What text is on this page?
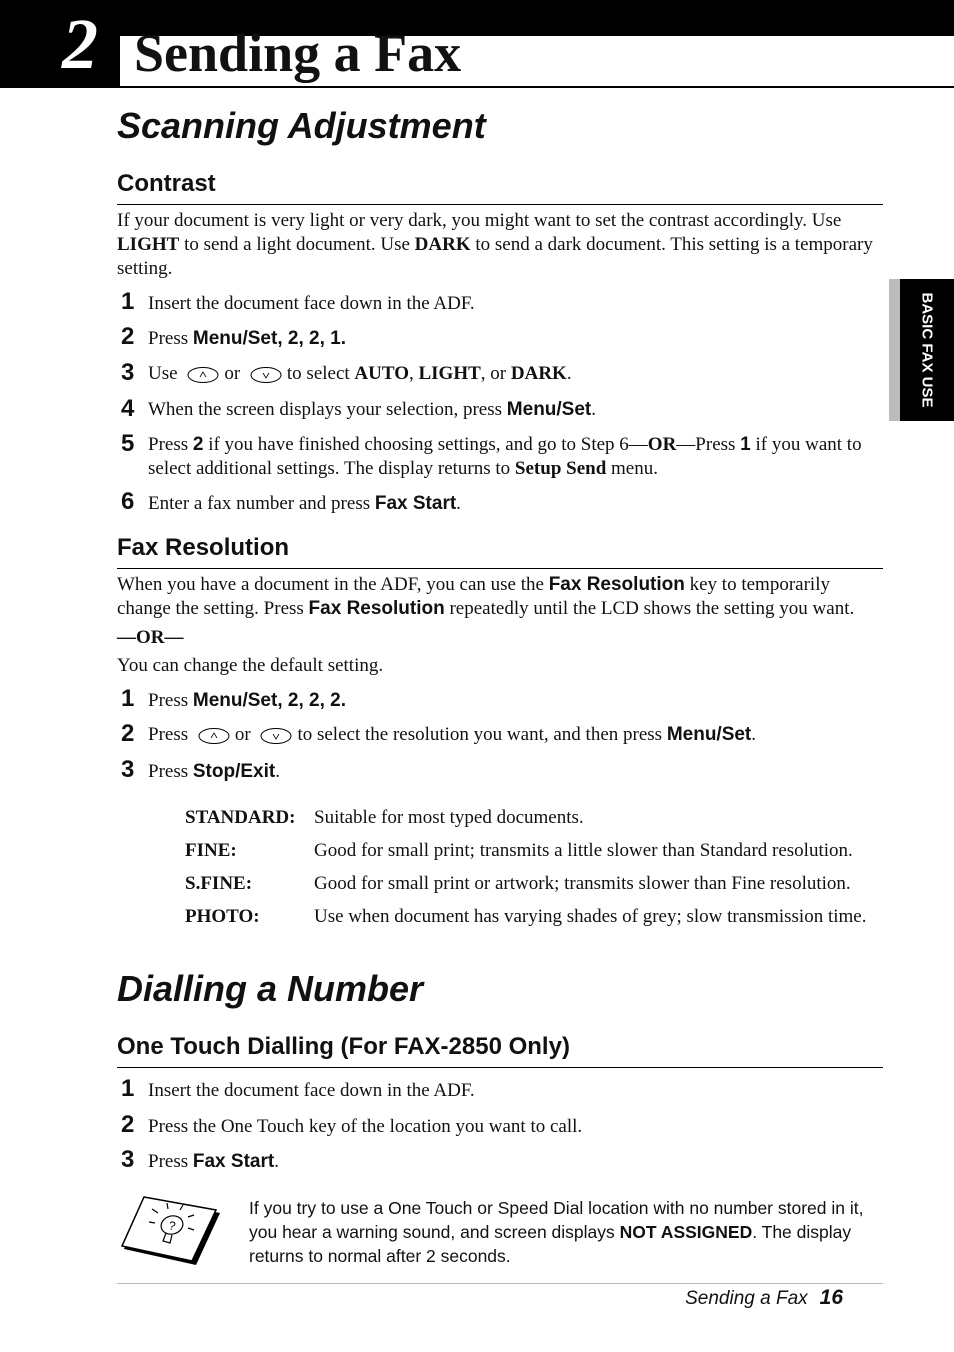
2 Sending a Fax
BASIC FAX USE
Scanning Adjustment
Contrast
If your document is very light or very dark, you might want to set the contrast accordingly. Use LIGHT to send a light document. Use DARK to send a dark document. This setting is a temporary setting.
1 Insert the document face down in the ADF.
2 Press Menu/Set, 2, 2, 1.
3 Use or to select AUTO, LIGHT, or DARK.
4 When the screen displays your selection, press Menu/Set.
5 Press 2 if you have finished choosing settings, and go to Step 6—OR—Press 1 if you want to select additional settings. The display returns to Setup Send menu.
6 Enter a fax number and press Fax Start.
Fax Resolution
When you have a document in the ADF, you can use the Fax Resolution key to temporarily change the setting. Press Fax Resolution repeatedly until the LCD shows the setting you want.
—OR—
You can change the default setting.
1 Press Menu/Set, 2, 2, 2.
2 Press or to select the resolution you want, and then press Menu/Set.
3 Press Stop/Exit.
STANDARD: Suitable for most typed documents.
FINE:	Good for small print; transmits a little slower than Standard resolution.
S.FINE:	Good for small print or artwork; transmits slower than Fine resolution.
PHOTO:	Use when document has varying shades of grey; slow transmission time.
Dialling a Number
One Touch Dialling (For FAX-2850 Only)
1 Insert the document face down in the ADF.
2 Press the One Touch key of the location you want to call.
3 Press Fax Start.
?
If you try to use a One Touch or Speed Dial location with no number stored in it, you hear a warning sound, and screen displays NOT ASSIGNED. The display returns to normal after 2 seconds.
Sending a Fax 16
